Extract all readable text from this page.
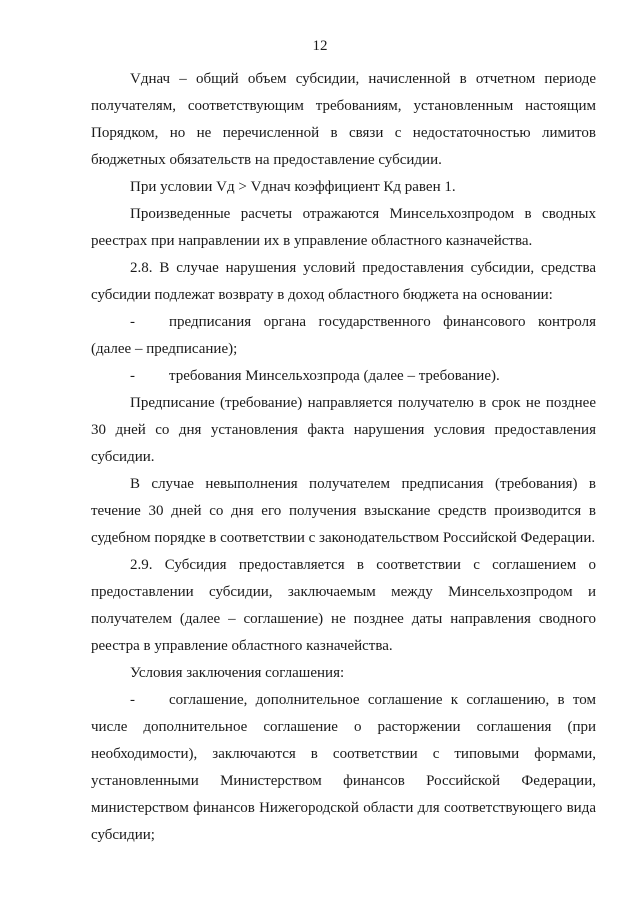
12

Vднач – общий объем субсидии, начисленной в отчетном периоде получателям, соответствующим требованиям, установленным настоящим Порядком, но не перечисленной в связи с недостаточностью лимитов бюджетных обязательств на предоставление субсидии.

При условии Vд > Vднач коэффициент Кд равен 1.

Произведенные расчеты отражаются Минсельхозпродом в сводных реестрах при направлении их в управление областного казначейства.

2.8. В случае нарушения условий предоставления субсидии, средства субсидии подлежат возврату в доход областного бюджета на основании:

-	предписания органа государственного финансового контроля (далее – предписание);
-	требования Минсельхозпрода (далее – требование).

Предписание (требование) направляется получателю в срок не позднее 30 дней со дня установления факта нарушения условия предоставления субсидии.

В случае невыполнения получателем предписания (требования) в течение 30 дней со дня его получения взыскание средств производится в судебном порядке в соответствии с законодательством Российской Федерации.

2.9. Субсидия предоставляется в соответствии с соглашением о предоставлении субсидии, заключаемым между Минсельхозпродом и получателем (далее – соглашение) не позднее даты направления сводного реестра в управление областного казначейства.

Условия заключения соглашения:

-	соглашение, дополнительное соглашение к соглашению, в том числе дополнительное соглашение о расторжении соглашения (при необходимости), заключаются в соответствии с типовыми формами, установленными Министерством финансов Российской Федерации, министерством финансов Нижегородской области для соответствующего вида субсидии;
